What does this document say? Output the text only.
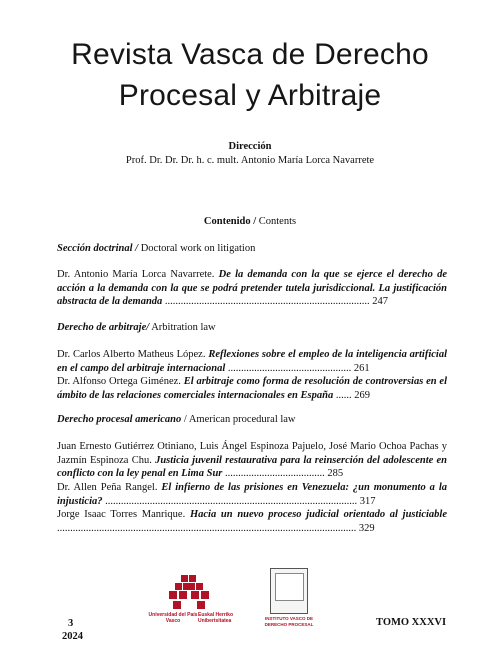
Revista Vasca de Derecho
Procesal y Arbitraje
Dirección
Prof. Dr. Dr. Dr. h. c. mult. Antonio María Lorca Navarrete
Contenido / Contents
Sección doctrinal / Doctoral work on litigation
Dr. Antonio María Lorca Navarrete. De la demanda con la que se ejerce el derecho de acción a la demanda con la que se podrá pretender tutela jurisdiccional. La justificación abstracta de la demanda .............................................................................. 247
Derecho de arbitraje/ Arbitration law
Dr. Carlos Alberto Matheus López. Reflexiones sobre el empleo de la inteligencia artificial en el campo del arbitraje internacional ............................................... 261
Dr. Alfonso Ortega Giménez. El arbitraje como forma de resolución de controversias en el ámbito de las relaciones comerciales internacionales en España ...... 269
Derecho procesal americano / American procedural law
Juan Ernesto Gutiérrez Otiniano, Luis Ángel Espinoza Pajuelo, José Mario Ochoa Pachas y Jazmín Espinoza Chu. Justicia juvenil restaurativa para la reinserción del adolescente en conflicto con la ley penal en Lima Sur ...................................... 285
Dr. Allen Peña Rangel. El infierno de las prisiones en Venezuela: ¿un monumento a la injusticia? ................................................................................................ 317
Jorge Isaac Torres Manrique. Hacia un nuevo proceso judicial orientado al justiciable .................................................................................................................. 329
Universidad del País Vasco
Euskal Herriko Unibertsitatea	INSTITUTO VASCO DE DERECHO PROCESAL
3
2024
TOMO XXXVI
